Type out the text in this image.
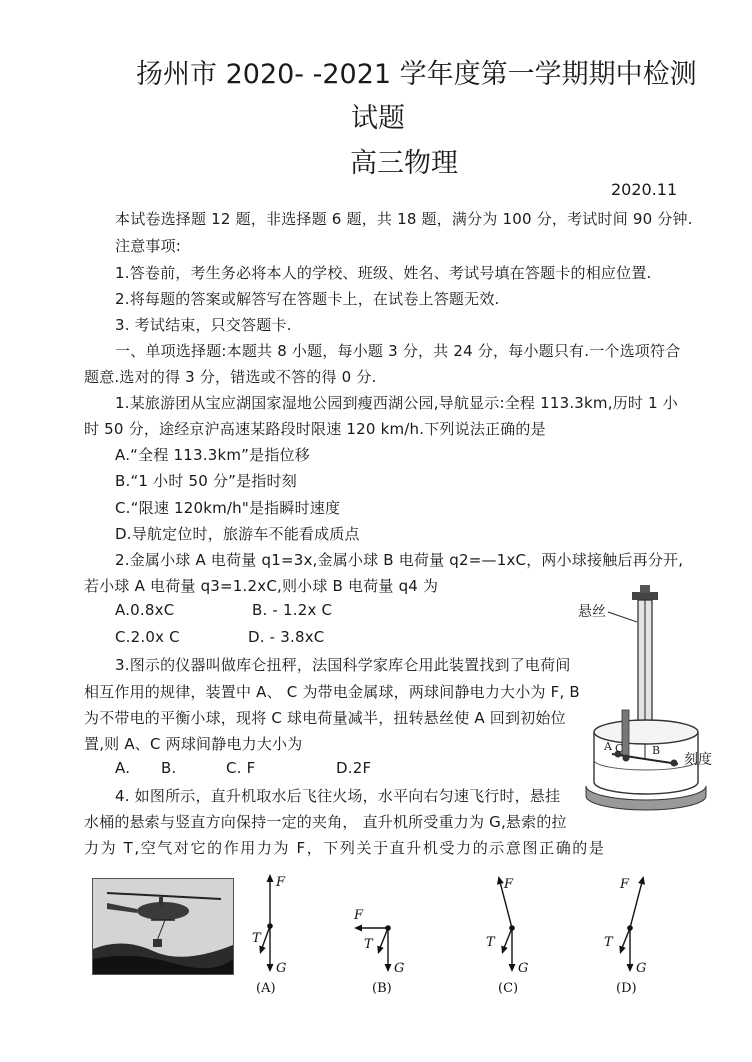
扬州市 2020- -2021 学年度第一学期期中检测
试题
高三物理
2020.11
本试卷选择题 12 题，非选择题 6 题，共 18 题，满分为 100 分，考试时间 90 分钟.
注意事项:
1.答卷前，考生务必将本人的学校、班级、姓名、考试号填在答题卡的相应位置.
2.将每题的答案或解答写在答题卡上，在试卷上答题无效.
3. 考试结束，只交答题卡.
一、单项选择题:本题共 8 小题，每小题 3 分，共 24 分，每小题只有.一个选项符合
题意.选对的得 3 分，错选或不答的得 0 分.
1.某旅游团从宝应湖国家湿地公园到瘦西湖公园,导航显示:全程 113.3km,历时 1 小
时 50 分，途经京沪高速某路段时限速 120 km/h.下列说法正确的是
A.“全程 113.3km”是指位移
B.“1 小时 50 分”是指时刻
C.“限速 120km/h"是指瞬时速度
D.导航定位时，旅游车不能看成质点
2.金属小球 A 电荷量 q1=3x,金属小球 B 电荷量 q2=—1xC，两小球接触后再分开,
若小球 A 电荷量 q3=1.2xC,则小球 B 电荷量 q4 为
A.0.8xC	B. - 1.2x C
C.2.0x C	D. - 3.8xC
3.图示的仪器叫做库仑扭秤，法国科学家库仑用此装置找到了电荷间
相互作用的规律，装置中 A、 C 为带电金属球，两球间静电力大小为 F, B
为不带电的平衡小球，现将 C 球电荷量减半，扭转悬丝使 A 回到初始位
置,则 A、C 两球间静电力大小为
A. B.	C. F	D.2F
悬丝
A C	B
刻度
4. 如图所示，直升机取水后飞往火场，水平向右匀速飞行时，悬挂
水桶的悬索与竖直方向保持一定的夹角， 直升机所受重力为 G,悬索的拉
力为 T,空气对它的作用力为 F，下列关于直升机受力的示意图正确的是
F
T
G
(A)
F
T
G
(B)
F
T
G
(C)
F
T
G
(D)
